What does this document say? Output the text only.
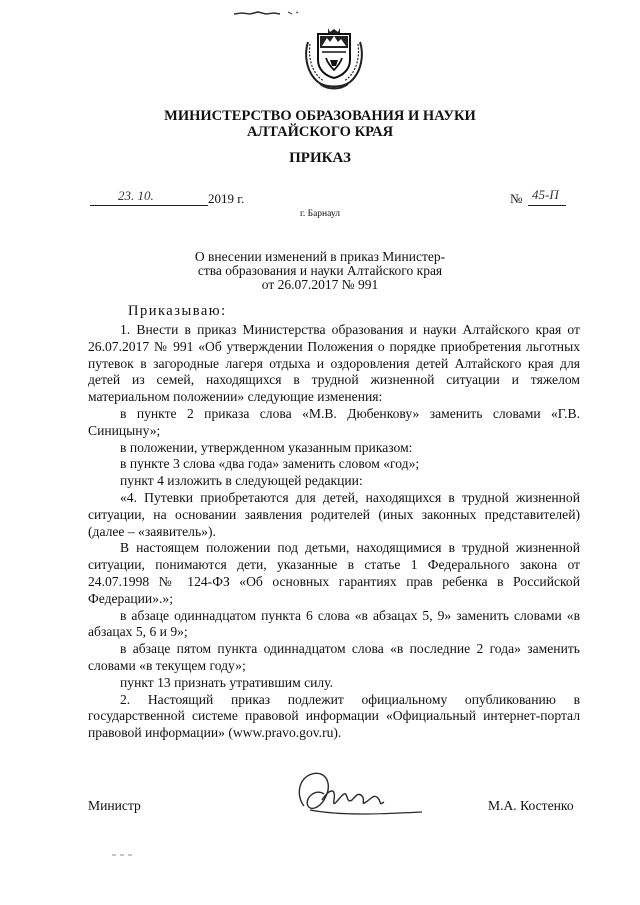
МИНИСТЕРСТВО ОБРАЗОВАНИЯ И НАУКИ
АЛТАЙСКОГО КРАЯ
ПРИКАЗ
23. 10.	2019 г.	№ 45-П
г. Барнаул
О внесении изменений в приказ Министер-
ства образования и науки Алтайского края
от 26.07.2017 № 991
Приказываю:

1. Внести в приказ Министерства образования и науки Алтайского края от 26.07.2017 № 991 «Об утверждении Положения о порядке приобретения льготных путевок в загородные лагеря отдыха и оздоровления детей Алтайского края для детей из семей, находящихся в трудной жизненной ситуации и тяжелом материальном положении» следующие изменения:

в пункте 2 приказа слова «М.В. Дюбенкову» заменить словами «Г.В. Синицыну»;

в положении, утвержденном указанным приказом:

в пункте 3 слова «два года» заменить словом «год»;

пункт 4 изложить в следующей редакции:

«4. Путевки приобретаются для детей, находящихся в трудной жизненной ситуации, на основании заявления родителей (иных законных представителей) (далее – «заявитель»).

В настоящем положении под детьми, находящимися в трудной жизненной ситуации, понимаются дети, указанные в статье 1 Федерального закона от 24.07.1998 № 124-ФЗ «Об основных гарантиях прав ребенка в Российской Федерации».»;

в абзаце одиннадцатом пункта 6 слова «в абзацах 5, 9» заменить словами «в абзацах 5, 6 и 9»;

в абзаце пятом пункта одиннадцатом слова «в последние 2 года» заменить словами «в текущем году»;

пункт 13 признать утратившим силу.

2. Настоящий приказ подлежит официальному опубликованию в государственной системе правовой информации «Официальный интернет-портал правовой информации» (www.pravo.gov.ru).

Министр	М.А. Костенко
